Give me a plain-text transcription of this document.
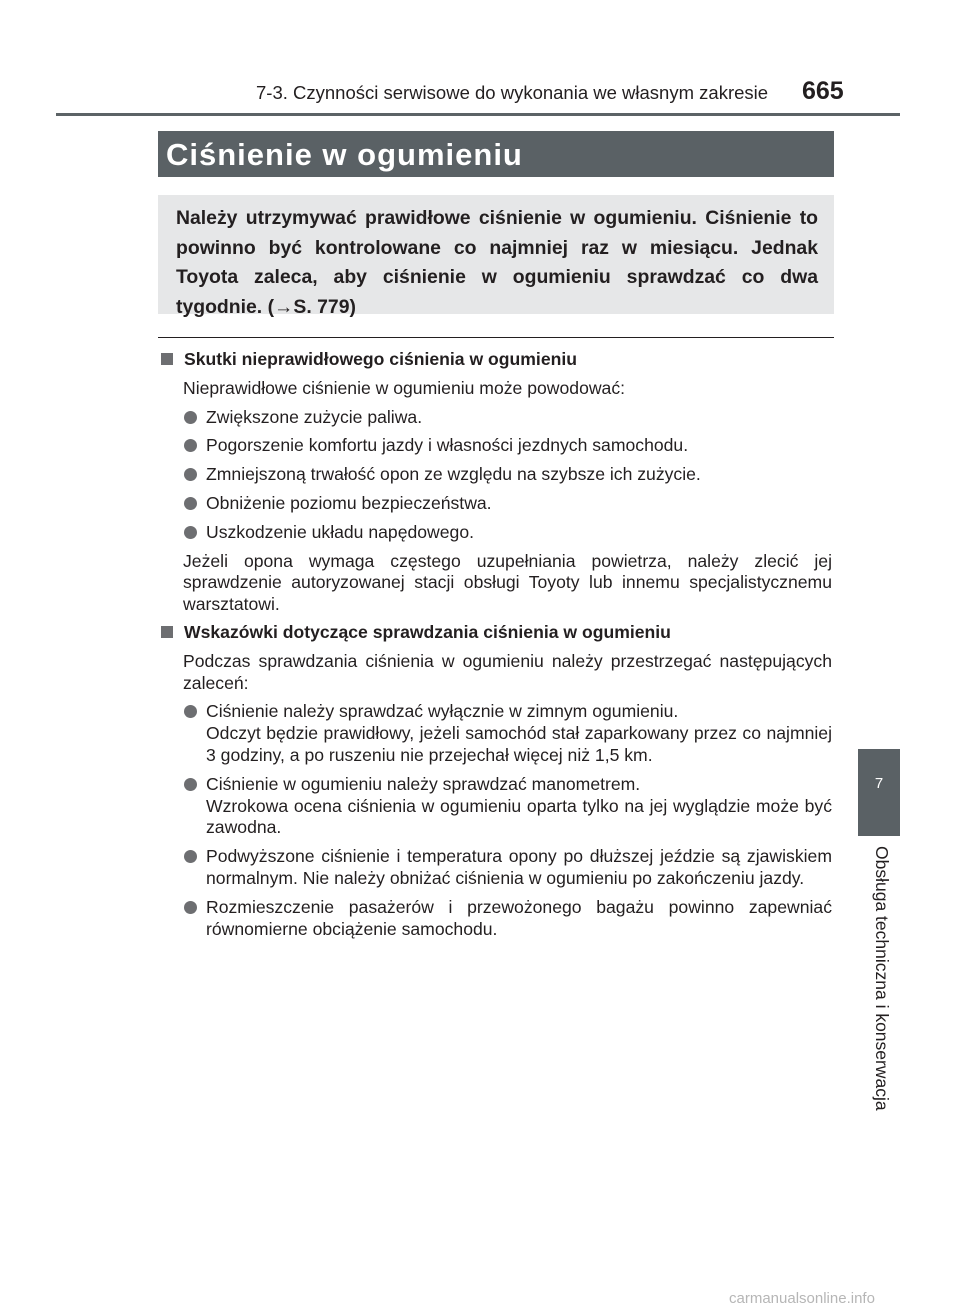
7-3. Czynności serwisowe do wykonania we własnym zakresie 665
Ciśnienie w ogumieniu
Należy utrzymywać prawidłowe ciśnienie w ogumieniu. Ciśnienie to powinno być kontrolowane co najmniej raz w miesiącu. Jednak Toyota zaleca, aby ciśnienie w ogumieniu sprawdzać co dwa tygodnie. (→S. 779)
Skutki nieprawidłowego ciśnienia w ogumieniu
Nieprawidłowe ciśnienie w ogumieniu może powodować:
Zwiększone zużycie paliwa.
Pogorszenie komfortu jazdy i własności jezdnych samochodu.
Zmniejszoną trwałość opon ze względu na szybsze ich zużycie.
Obniżenie poziomu bezpieczeństwa.
Uszkodzenie układu napędowego.
Jeżeli opona wymaga częstego uzupełniania powietrza, należy zlecić jej sprawdzenie autoryzowanej stacji obsługi Toyoty lub innemu specjalistycznemu warsztatowi.
Wskazówki dotyczące sprawdzania ciśnienia w ogumieniu
Podczas sprawdzania ciśnienia w ogumieniu należy przestrzegać następujących zaleceń:
Ciśnienie należy sprawdzać wyłącznie w zimnym ogumieniu.
Odczyt będzie prawidłowy, jeżeli samochód stał zaparkowany przez co najmniej 3 godziny, a po ruszeniu nie przejechał więcej niż 1,5 km.
Ciśnienie w ogumieniu należy sprawdzać manometrem.
Wzrokowa ocena ciśnienia w ogumieniu oparta tylko na jej wyglądzie może być zawodna.
Podwyższone ciśnienie i temperatura opony po dłuższej jeździe są zjawiskiem normalnym. Nie należy obniżać ciśnienia w ogumieniu po zakończeniu jazdy.
Rozmieszczenie pasażerów i przewożonego bagażu powinno zapewniać równomierne obciążenie samochodu.
7
Obsługa techniczna i konserwacja
carmanualsonline.info
